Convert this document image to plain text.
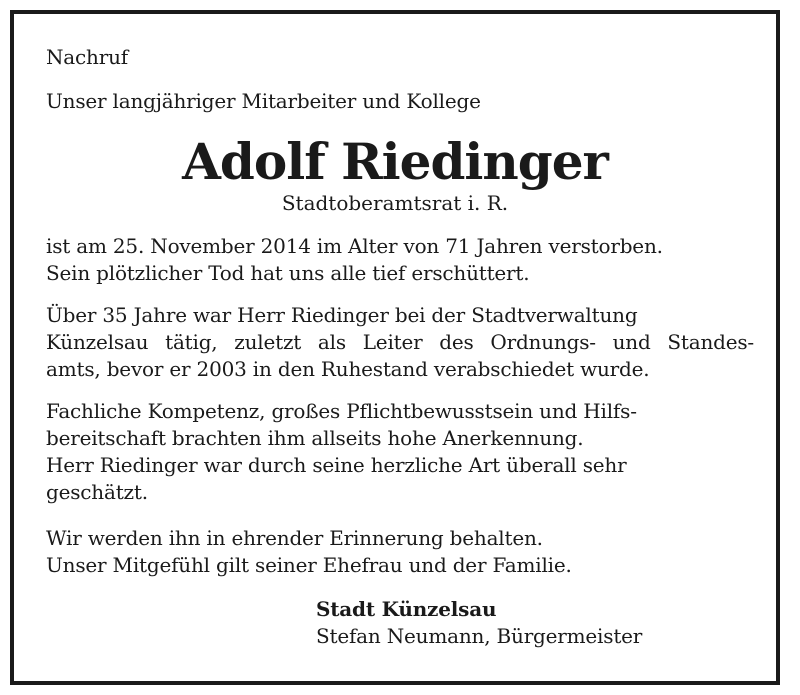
Nachruf
Unser langjähriger Mitarbeiter und Kollege
Adolf Riedinger
Stadtoberamtsrat i. R.
ist am 25. November 2014 im Alter von 71 Jahren verstorben.
Sein plötzlicher Tod hat uns alle tief erschüttert.
Über 35 Jahre war Herr Riedinger bei der Stadtverwaltung
Künzelsau tätig, zuletzt als Leiter des Ordnungs- und Standes-
amts, bevor er 2003 in den Ruhestand verabschiedet wurde.
Fachliche Kompetenz, großes Pflichtbewusstsein und Hilfs-
bereitschaft brachten ihm allseits hohe Anerkennung.
Herr Riedinger war durch seine herzliche Art überall sehr
geschätzt.
Wir werden ihn in ehrender Erinnerung behalten.
Unser Mitgefühl gilt seiner Ehefrau und der Familie.
Stadt Künzelsau
Stefan Neumann, Bürgermeister
